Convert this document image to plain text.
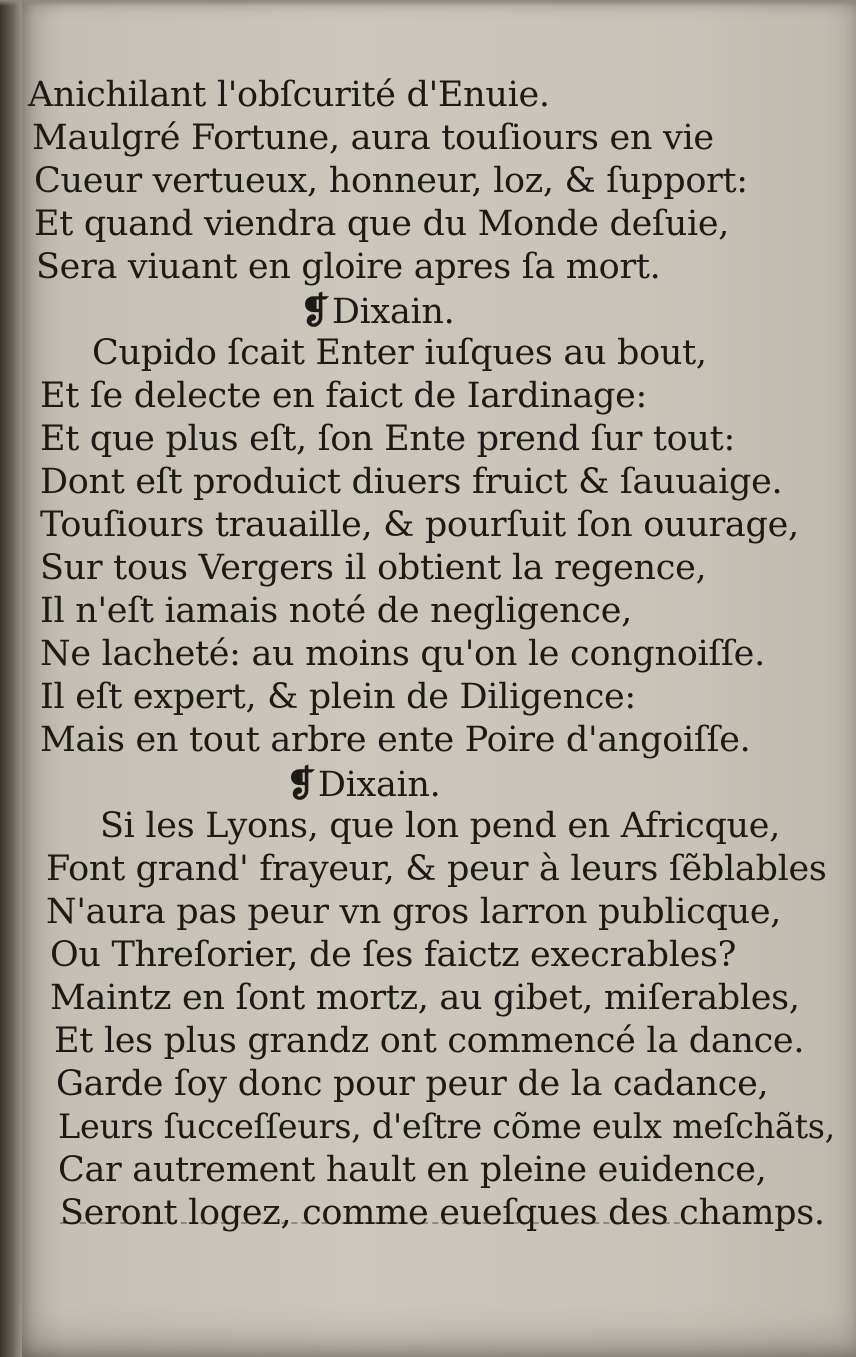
Anichilant l'obſcurité d'Enuie.
Maulgré Fortune, aura touſiours en vie
Cueur vertueux, honneur, loz, & ſupport:
Et quand viendra que du Monde deſuie,
Sera viuant en gloire apres ſa mort.
❡Dixain.
Cupido ſcait Enter iuſques au bout,
Et ſe delecte en faict de Iardinage:
Et que plus eſt, ſon Ente prend ſur tout:
Dont eſt produict diuers fruict & ſauuaige.
Touſiours trauaille, & pourſuit ſon ouurage,
Sur tous Vergers il obtient la regence,
Il n'eſt iamais noté de negligence,
Ne lacheté: au moins qu'on le congnoiſſe.
Il eſt expert, & plein de Diligence:
Mais en tout arbre ente Poire d'angoiſſe.
❡Dixain.
Si les Lyons, que lon pend en Africque,
Font grand' frayeur, & peur à leurs ſẽblables
N'aura pas peur vn gros larron publicque,
Ou Threſorier, de ſes faictz execrables?
Maintz en ſont mortz, au gibet, miſerables,
Et les plus grandz ont commencé la dance.
Garde ſoy donc pour peur de la cadance,
Leurs ſucceſſeurs, d'eſtre cõme eulx meſchãts,
Car autrement hault en pleine euidence,
Seront logez, comme eueſques des champs.
